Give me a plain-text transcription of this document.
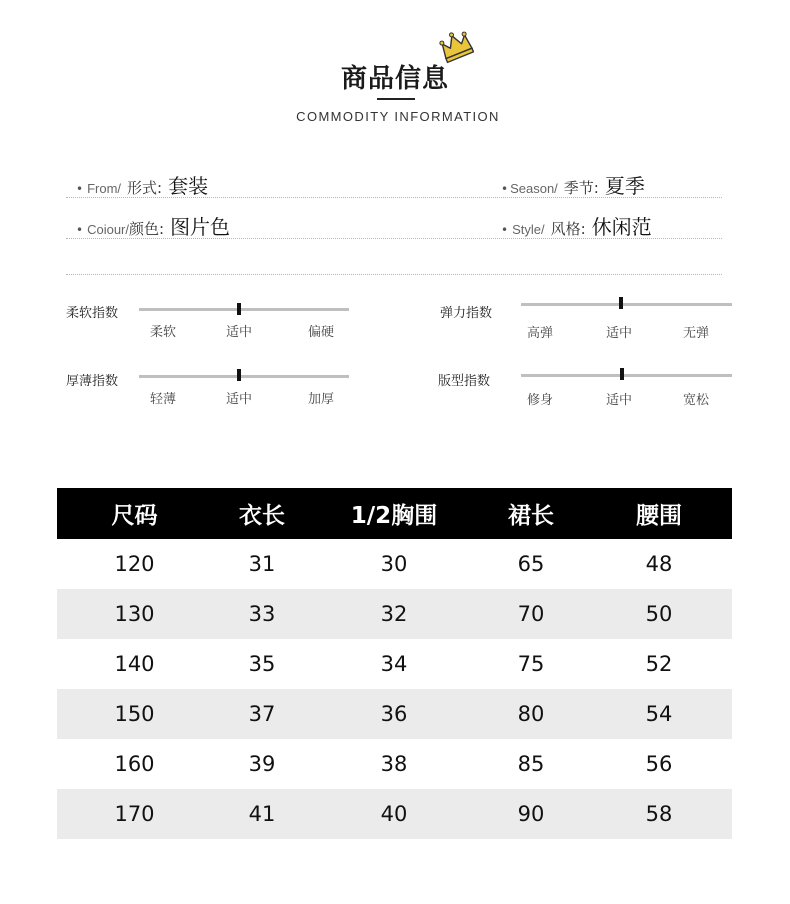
商品信息
COMMODITY INFORMATION
• From/ 形式: 套装	• Season/ 季节: 夏季
• Coiour/ 颜色: 图片色	• Style/ 风格: 休闲范
柔软指数
柔软	适中	偏硬
弹力指数
高弹	适中	无弹
厚薄指数
轻薄	适中	加厚
版型指数
修身	适中	宽松
尺码	衣长	1/2胸围	裙长	腰围
120	31	30	65	48
130	33	32	70	50
140	35	34	75	52
150	37	36	80	54
160	39	38	85	56
170	41	40	90	58
